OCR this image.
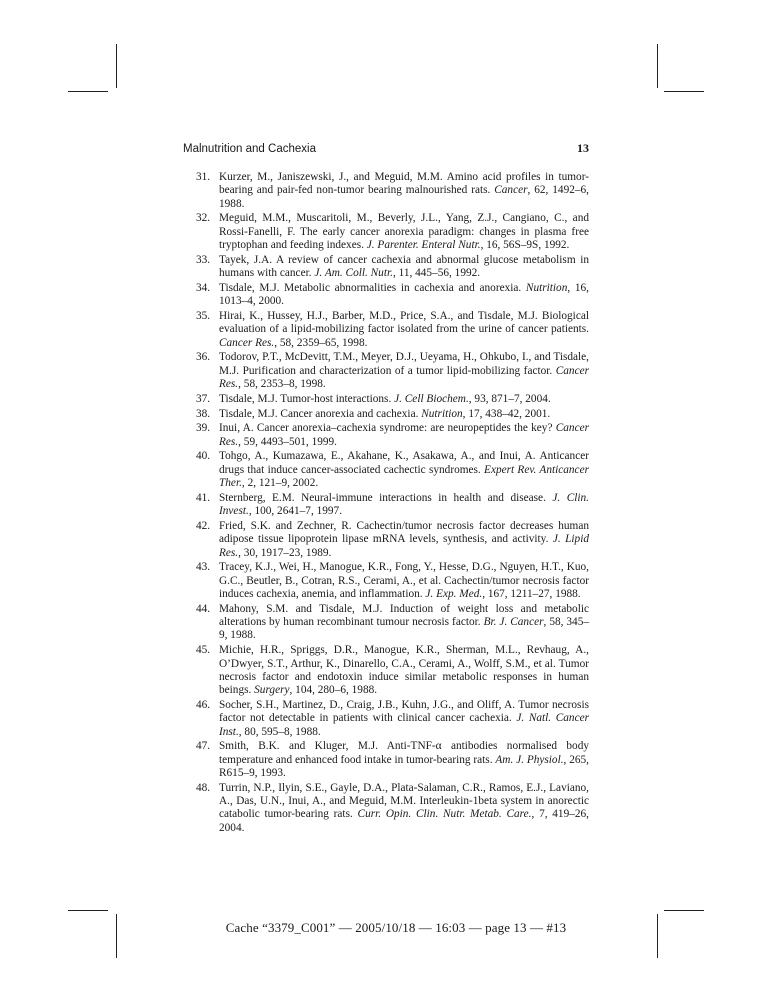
Malnutrition and Cachexia	13
31. Kurzer, M., Janiszewski, J., and Meguid, M.M. Amino acid profiles in tumor-bearing and pair-fed non-tumor bearing malnourished rats. Cancer, 62, 1492–6, 1988.
32. Meguid, M.M., Muscaritoli, M., Beverly, J.L., Yang, Z.J., Cangiano, C., and Rossi-Fanelli, F. The early cancer anorexia paradigm: changes in plasma free tryptophan and feeding indexes. J. Parenter. Enteral Nutr., 16, 56S–9S, 1992.
33. Tayek, J.A. A review of cancer cachexia and abnormal glucose metabolism in humans with cancer. J. Am. Coll. Nutr., 11, 445–56, 1992.
34. Tisdale, M.J. Metabolic abnormalities in cachexia and anorexia. Nutrition, 16, 1013–4, 2000.
35. Hirai, K., Hussey, H.J., Barber, M.D., Price, S.A., and Tisdale, M.J. Biological evaluation of a lipid-mobilizing factor isolated from the urine of cancer patients. Cancer Res., 58, 2359–65, 1998.
36. Todorov, P.T., McDevitt, T.M., Meyer, D.J., Ueyama, H., Ohkubo, I., and Tisdale, M.J. Purification and characterization of a tumor lipid-mobilizing factor. Cancer Res., 58, 2353–8, 1998.
37. Tisdale, M.J. Tumor-host interactions. J. Cell Biochem., 93, 871–7, 2004.
38. Tisdale, M.J. Cancer anorexia and cachexia. Nutrition, 17, 438–42, 2001.
39. Inui, A. Cancer anorexia–cachexia syndrome: are neuropeptides the key? Cancer Res., 59, 4493–501, 1999.
40. Tohgo, A., Kumazawa, E., Akahane, K., Asakawa, A., and Inui, A. Anticancer drugs that induce cancer-associated cachectic syndromes. Expert Rev. Anticancer Ther., 2, 121–9, 2002.
41. Sternberg, E.M. Neural-immune interactions in health and disease. J. Clin. Invest., 100, 2641–7, 1997.
42. Fried, S.K. and Zechner, R. Cachectin/tumor necrosis factor decreases human adipose tissue lipoprotein lipase mRNA levels, synthesis, and activity. J. Lipid Res., 30, 1917–23, 1989.
43. Tracey, K.J., Wei, H., Manogue, K.R., Fong, Y., Hesse, D.G., Nguyen, H.T., Kuo, G.C., Beutler, B., Cotran, R.S., Cerami, A., et al. Cachectin/tumor necrosis factor induces cachexia, anemia, and inflammation. J. Exp. Med., 167, 1211–27, 1988.
44. Mahony, S.M. and Tisdale, M.J. Induction of weight loss and metabolic alterations by human recombinant tumour necrosis factor. Br. J. Cancer, 58, 345–9, 1988.
45. Michie, H.R., Spriggs, D.R., Manogue, K.R., Sherman, M.L., Revhaug, A., O’Dwyer, S.T., Arthur, K., Dinarello, C.A., Cerami, A., Wolff, S.M., et al. Tumor necrosis factor and endotoxin induce similar metabolic responses in human beings. Surgery, 104, 280–6, 1988.
46. Socher, S.H., Martinez, D., Craig, J.B., Kuhn, J.G., and Oliff, A. Tumor necrosis factor not detectable in patients with clinical cancer cachexia. J. Natl. Cancer Inst., 80, 595–8, 1988.
47. Smith, B.K. and Kluger, M.J. Anti-TNF-α antibodies normalised body temperature and enhanced food intake in tumor-bearing rats. Am. J. Physiol., 265, R615–9, 1993.
48. Turrin, N.P., Ilyin, S.E., Gayle, D.A., Plata-Salaman, C.R., Ramos, E.J., Laviano, A., Das, U.N., Inui, A., and Meguid, M.M. Interleukin-1beta system in anorectic catabolic tumor-bearing rats. Curr. Opin. Clin. Nutr. Metab. Care., 7, 419–26, 2004.
Cache “3379_C001” — 2005/10/18 — 16:03 — page 13 — #13
